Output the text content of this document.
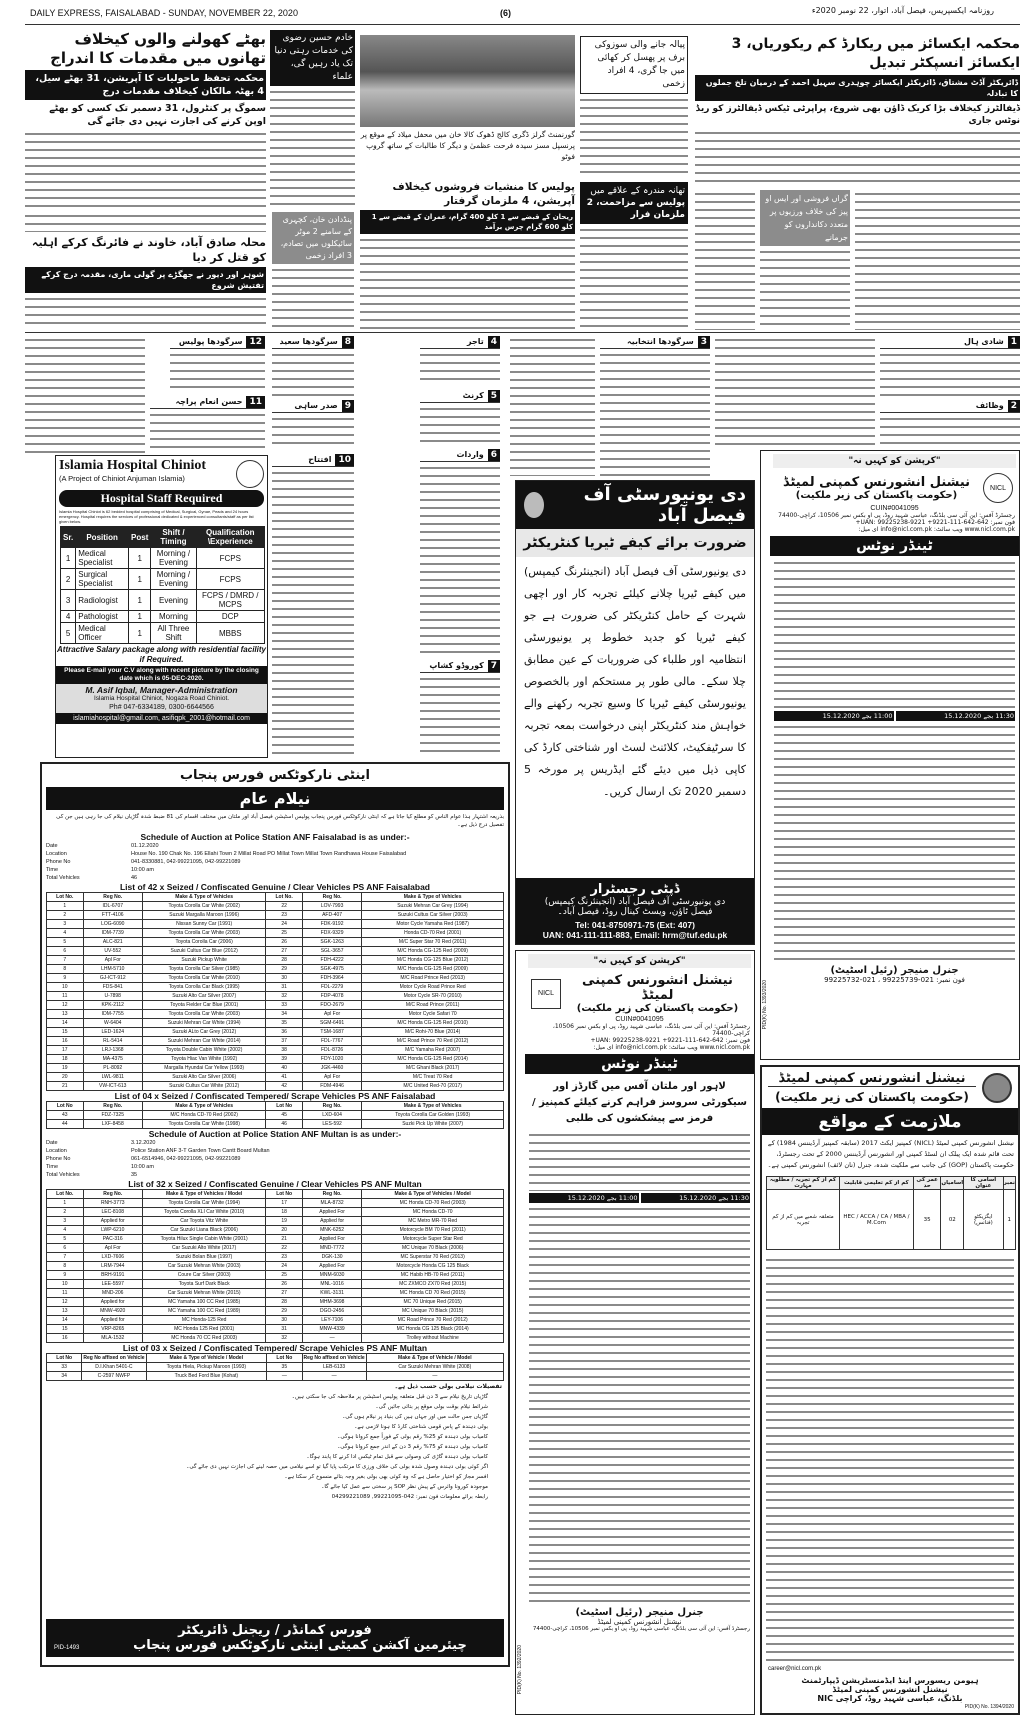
DAILY EXPRESS, FAISALABAD - SUNDAY, NOVEMBER 22, 2020	(6)	روزنامہ ایکسپریس، فیصل آباد، اتوار، 22 نومبر 2020ء
بھٹے کھولنے والوں کیخلاف تھانوں میں مقدمات کا اندراج
محکمہ تحفظ ماحولیات کا آپریشن، 31 بھٹے سیل، 4 بھٹہ مالکان کیخلاف مقدمات درج
سموگ پر کنٹرول، 31 دسمبر تک کسی کو بھٹے اوپن کرنے کی اجازت نہیں دی جائے گی
خادم حسین رضوی کی خدمات رہتی دنیا تک یاد رہیں گی، علماء
گورنمنٹ گرلز ڈگری کالج ڈھوک کالا خان میں محفل میلاد کے موقع پر پرنسپل مسز سیدہ فرحت عظمیٰ و دیگر کا طالبات کے ساتھ گروپ فوٹو
پیالہ جانے والی سوزوکی برف پر پھسل کر کھائی میں جا گری، 4 افراد زخمی
محکمہ ایکسائز میں ریکارڈ کم ریکوریاں، 3 ایکسائز انسپکٹر تبدیل
ڈائریکٹر آڈٹ مشتاق، ڈائریکٹر ایکسائز چوہدری سہیل احمد کے درمیان تلخ جملوں کا تبادلہ
ڈیفالٹرز کیخلاف بڑا کریک ڈاؤن بھی شروع، پراپرٹی ٹیکس ڈیفالٹرز کو ریڈ نوٹس جاری
محلہ صادق آباد، خاوند نے فائرنگ کرکے اہلیہ کو قتل کر دیا
شوہر اور دیور نے جھگڑے پر گولی ماری، مقدمہ درج کرکے تفتیش شروع
پنڈدادن خان، کچہری کے سامنے 2 موٹر سائیکلوں میں تصادم، 3 افراد زخمی
پولیس کا منشیات فروشوں کیخلاف آپریشن، 4 ملزمان گرفتار
ریحان کے قبضے سے 1 کلو 400 گرام، عمران کے قبضے سے 1 کلو 600 گرام چرس برآمد
تھانہ مندرہ کے علاقے میں
پولیس سے مزاحمت، 2 ملزمان فرار
گراں فروشی اور ایس او پیز کی خلاف ورزیوں پر متعدد دکانداروں کو جرمانے
12سرگودھا پولیس
11حسن انعام پراچہ
8سرگودھا سعید
9صدر ساہی
10افتتاح
4تاجر
5کرنٹ
6واردات
7کوروڈو کشاپ
3سرگودھا انتخابیہ	1شادی ہال
2وظائف
Islamia Hospital Chiniot
(A Project of Chiniot Anjuman Islamia)
Hospital Staff Required
Islamia Hospital Chiniot is 62 bedded hospital comprising of Medical, Surgical, Gynae, Peads and 24 hours emergency. Hospital requires the services of professional dedicated & experienced consultants/staff as per list given below.
Sr.	Position	Post	Shift / Timing	Qualification \Experience
1	Medical Specialist	1	Morning / Evening	FCPS
2	Surgical Specialist	1	Morning / Evening	FCPS
3	Radiologist	1	Evening	FCPS / DMRD / MCPS
4	Pathologist	1	Morning	DCP
5	Medical Officer	1	All Three Shift	MBBS
Attractive Salary package along with residential facility if Required.
Please E-mail your C.V along with recent picture by the closing date which is 05-DEC-2020.
M. Asif Iqbal, Manager-Administration
Islamia Hospital Chiniot, Nogaza Road Chiniot.
Ph# 047-6334189, 0300-6644566
islamiahospital@gmail.com, asifiqpk_2001@hotmail.com
دی یونیورسٹی آف فیصل آباد
ضرورت برائے کیفے ٹیریا کنٹریکٹر
دی یونیورسٹی آف فیصل آباد (انجینئرنگ کیمپس) میں کیفے ٹیریا چلانے کیلئے تجربہ کار اور اچھی شہرت کے حامل کنٹریکٹر کی ضرورت ہے جو کیفے ٹیریا کو جدید خطوط پر یونیورسٹی انتظامیہ اور طلباء کی ضروریات کے عین مطابق چلا سکے۔ مالی طور پر مستحکم اور بالخصوص یونیورسٹی کیفے ٹیریا کا وسیع تجربہ رکھنے والے خواہش مند کنٹریکٹر اپنی درخواست بمعہ تجربہ کا سرٹیفکیٹ، کلائنٹ لسٹ اور شناختی کارڈ کی کاپی ذیل میں دیئے گئے ایڈریس پر مورخہ 5 دسمبر 2020 تک ارسال کریں۔
ڈپٹی رجسٹرار
دی یونیورسٹی آف فیصل آباد (انجینئرنگ کیمپس)
فیصل ٹاؤن، ویسٹ کینال روڈ، فیصل آباد۔
Tel: 041-8750971-75 (Ext: 407)
UAN: 041-111-111-883, Email: hrm@tuf.edu.pk
"کرپشن کو کہیں نہ"
نیشنل انشورنس کمپنی لمیٹڈ
(حکومت پاکستان کی زیر ملکیت)
NICL
CUIN#0041095
رجسٹرڈ آفس: این آئی سی بلڈنگ، عباسی شہید روڈ، پی او بکس نمبر 10506، کراچی-74400
فون نمبر: 642-642-111-9221+ UAN: 99225238-9221+
www.nicl.com.pk ویب سائٹ: info@nicl.com.pk ای میل:
ٹینڈر نوٹس
11:00 بجے 15.12.2020	11:30 بجے 15.12.2020
جنرل منیجر (رئیل اسٹیٹ)
فون نمبر: 021-99225739 ، 021-99225732
PID(K) No. 1393/2020
"کرپشن کو کہیں نہ"
NICL
نیشنل انشورنس کمپنی لمیٹڈ
(حکومت پاکستان کی زیر ملکیت)
CUIN#0041095
رجسٹرڈ آفس: این آئی سی بلڈنگ، عباسی شہید روڈ، پی او بکس نمبر 10506، کراچی-74400
فون نمبر: 642-642-111-9221+ UAN: 99225238-9221+
www.nicl.com.pk ویب سائٹ: info@nicl.com.pk ای میل:
ٹینڈر نوٹس
لاہور اور ملتان آفس میں گارڈز اور سیکورٹی سروسز فراہم کرنے کیلئے کمپنیز / فرمز سے پیشکشوں کی طلبی
11:00 بجے 15.12.2020	11:30 بجے 15.12.2020
جنرل منیجر (رئیل اسٹیٹ)
نیشنل انشورنس کمپنی لمیٹڈ
رجسٹرڈ آفس: این آئی سی بلڈنگ، عباسی شہید روڈ، پی او بکس نمبر 10506، کراچی-74400
PID(K) No. 1392/2020
نیشنل انشورنس کمپنی لمیٹڈ
(حکومت پاکستان کی زیر ملکیت)
ملازمت کے مواقع
نیشنل انشورنس کمپنی لمیٹڈ (NICL) کمپنیز ایکٹ 2017 (سابقہ کمپنیز آرڈیننس 1984) کے تحت قائم شدہ ایک پبلک ان لسٹڈ کمپنی اور انشورنس آرڈیننس 2000 کے تحت رجسٹرڈ، حکومت پاکستان (GOP) کی جانب سے ملکیت شدہ، جنرل (نان لائف) انشورنس کمپنی ہے۔
نمبر	اسامی کا عنوان	اسامیاں	عمر کی حد	کم از کم تعلیمی قابلیت	کم از کم تجربہ / مطلوبہ مہارت
1	ایگزیکٹو (فنانس)	02	35	HEC / ACCA / CA / MBA / M.Com	متعلقہ شعبے میں کم از کم تجربہ
career@nicl.com.pk
ہیومن ریسورس اینڈ ایڈمنسٹریشن ڈیپارٹمنٹ
نیشنل انشورنس کمپنی لمیٹڈ
NIC بلڈنگ، عباسی شہید روڈ، کراچی
PID(K) No. 1394/2020
اینٹی نارکوٹکس فورس پنجاب
نیلام عام
بذریعہ اشتہار ہذا عوام الناس کو مطلع کیا جاتا ہے کہ اینٹی نارکوٹکس فورس پنجاب پولیس اسٹیشن فیصل آباد اور ملتان میں مختلف اقسام کی 81 ضبط شدہ گاڑیاں نیلام کی جا رہی ہیں جن کی تفصیل درج ذیل ہے۔
Schedule of Auction at Police Station ANF Faisalabad is as under:-
Date	01.12.2020
Location	House No. 190 Chak No. 196 Ellahi Town 2 Millat Road PO Millat Town Millat Town Randhawa House Faisalabad
Phone No	041-8330881, 042-99221095, 042-99221089
Time	10:00 am
Total Vehicles	46
List of 42 x Seized / Confiscated Genuine / Clear Vehicles PS ANF Faisalabad
Lot No.	Reg No.	Make & Type of Vehicles	Lot No.	Reg No.	Make & Type of Vehicles
1	IDL-6707	Toyota Corolla Car White (2002)	22	LOV-7993	Suzuki Mehran Car Grey (1994)
2	FTT-4106	Suzuki Margalla Maroon (1996)	23	AFD-407	Suzuki Cultus Car Silver (2003)
3	LOG-6090	Nissan Sunny Car (1991)	24	FDK-9192	Motor Cycle Yamaha Red (1987)
4	IDM-7739	Toyota Corolla Car White (2003)	25	FDX-9329	Honda CD-70 Red (2001)
5	ALC-821	Toyota Corolla Car (2006)	26	SGK-1263	M/C Super Star 70 Red (2011)
6	UV-552	Suzuki Cultus Car Blue (2012)	27	SGL-3657	M/C Honda CG-125 Red (2009)
7	Apl For	Suzuki Pickup White	28	FDH-4222	M/C Honda CG-125 Blue (2012)
8	LHM-5710	Toyota Corolla Car Silver (1985)	29	SGK-4975	M/C Honda CG-125 Red (2009)
9	GJ-ICT-912	Toyota Corolla Car White (2010)	30	FDH-3964	M/C Road Prince Red (2013)
10	FDS-841	Toyota Corolla Car Black (1995)	31	FDL-2279	Motor Cycle Road Prince Red
11	U-7898	Suzuki Alto Car Silver (2007)	32	FDP-4078	Motor Cycle SR-70 (2010)
12	KPK-2112	Toyota Fielder Car Blue (2001)	33	FDO-2679	M/C Road Prince (2011)
13	IDM-7755	Toyota Corolla Car White (2003)	34	Apl For	Motor Cycle Safari 70
14	W-6404	Suzuki Mehran Car White (1994)	35	SGM-6491	M/C Honda CG-125 Red (2010)
15	LED-1624	Suzuki ALto Car Grey (2012)	36	TSM-1687	M/C Rohi-70 Blue (2014)
16	RL-5414	Suzuki Mehran Car White (2014)	37	FDL-7767	M/C Road Prince 70 Red (2012)
17	LRJ-1368	Toyota Double Cabin White (2002)	38	FDL-8726	M/C Yamaha Red (2007)
18	MA-4375	Toyota Hiac Van White (1992)	39	FDY-1020	M/C Honda CG-125 Red (2014)
19	PL-8092	Margalla Hyundai Car Yellow (1993)	40	JGK-4460	M/C Ghani Black (2017)
20	LWL-9811	Suzuki Alto Car Silver (2006)	41	Apl For	M/C Treat 70 Red
21	VW-ICT-613	Suzuki Cultus Car White (2012)	42	FDM-4946	M/C United Red-70 (2017)
List of 04 x Seized / Confiscated Tempered/ Scrape Vehicles PS ANF Faisalabad
Lot No	Reg No.	Make & Type of Vehicles	Lot No	Reg No.	Make & Type of Vehicles
43	FDZ-7325	M/C Honda CD-70 Red (2002)	45	LXD-604	Toyota Corolla Car Golden (1993)
44	LXF-8458	Toyota Corolla Car White (1998)	46	LES-592	Suzki Pick Up White (2007)
Schedule of Auction at Police Station ANF Multan is as under:-
Date	3.12.2020
Location	Police Station ANF 3-T Garden Town Cantt Board Multan
Phone No	061-6514946, 042-99221095, 042-99221089
Time	10:00 am
Total Vehicles	35
List of 32 x Seized / Confiscated Genuine / Clear Vehicles PS ANF Multan
Lot No.	Reg No.	Make & Type of Vehicles / Model	Lot No	Reg No.	Make & Type of Vehicles / Model
1	RNH-3773	Toyota Corolla Car White (1994)	17	MLA-8732	MC Honda CD-70 Red (2003)
2	LEC-8108	Toyota Corolla XLI Car White (2010)	18	Applied For	MC Honda CD-70
3	Applied for	Car Toyota Vitz White	19	Applied for	MC Metro MR-70 Red
4	LWP-6210	Car Suzuki Liana Black (2006)	20	MNK-6252	Motorcycle BM 70 Red (2011)
5	PAC-316	Toyota Hilux Single Cabin White (2001)	21	Applied For	Motorcycle Super Star Red
6	Apl For	Car Suzuki Alto White (2017)	22	MND-7772	MC Unique 70 Black (2006)
7	LXD-7606	Suzuki Bolan Blue (1997)	23	DGK-130	MC Superstar 70 Red (2013)
8	LRM-7944	Car Suzuki Mehran White (2003)	24	Applied For	Motorcycle Honda CG 125 Black
9	BRH-9191	Coure Car Silver (2003)	25	MNM-6030	MC Habib HB-70 Red (2011)
10	LEE-5597	Toyota Surf Dark Black	26	MNL-1016	MC ZXMCO ZX70 Red (2015)
11	MND-206	Car Suzuki Mehran White (2015)	27	KWL-3131	MC Honda CD 70 Red (2015)
12	Applied for	MC Yamaha 100 CC Red (1985)	28	MHM-3698	MC 70 Unique Red (2015)
13	MNW-4920	MC Yamaha 100 CC Red (1989)	29	DGO-2456	MC Unique 70 Black (2015)
14	Applied for	MC Honda-125 Red	30	LEY-7106	MC Road Prince 70 Red (2012)
15	VRP-8265	MC Honda 125 Red (2001)	31	MNW-4339	MC Honda CG 125 Black (2014)
16	MLA-1532	MC Honda 70 CC Red (2003)	32	—	Trolley without Machine
List of 03 x Seized / Confiscated Tempered/ Scrape Vehicles PS ANF Multan
Lot No	Reg No affixed on Vehicle	Make & Type of Vehicle / Model	Lot No	Reg No affixed on Vehicle	Make & Type of Vehicle / Model
33	D.I.Khan 5401-C	Toyota Hiela, Pickup Maroon (1993)	35	LEB-6133	Car Suzuki Mehran White (2008)
34	C-2597 NWFP	Truck Bed Ford Blue (Kohat)	—	—	—
تفصیلات نیلامی بولی حسب ذیل ہے۔
گاڑیاں تاریخ نیلام سے 3 دن قبل متعلقہ پولیس اسٹیشن پر ملاحظہ کی جا سکتی ہیں۔
شرائط نیلام بوقت بولی موقع پر بتائی جائیں گی۔
گاڑیاں جس حالت میں اور جہاں ہیں کی بنیاد پر نیلام ہوں گی۔
بولی دہندہ کے پاس قومی شناختی کارڈ کا ہونا لازمی ہے۔
کامیاب بولی دہندہ کو 25% رقم بولی کے فوراً جمع کروانا ہوگی۔
کامیاب بولی دہندہ کو 75% رقم 3 دن کے اندر جمع کروانا ہوگی۔
کامیاب بولی دہندہ گاڑی کی وصولی سے قبل تمام ٹیکس ادا کرنے کا پابند ہوگا۔
اگر کوئی بولی دہندہ وصول شدہ بولی کی خلاف ورزی کا مرتکب پایا گیا تو اسے نیلامی میں حصہ لینے کی اجازت نہیں دی جائے گی۔
افسر مجاز کو اختیار حاصل ہے کہ وہ کوئی بھی بولی بغیر وجہ بتائے منسوخ کر سکتا ہے۔
موجودہ کورونا وائرس کے پیش نظر SOP پر سختی سے عمل کیا جائے گا۔
رابطہ برائے معلومات فون نمبر: 042-99221095, 04299221089
فورس کمانڈر / ریجنل ڈائریکٹر
چیئرمین آکشن کمیٹی اینٹی نارکوٹکس فورس پنجاب
PID-1493
